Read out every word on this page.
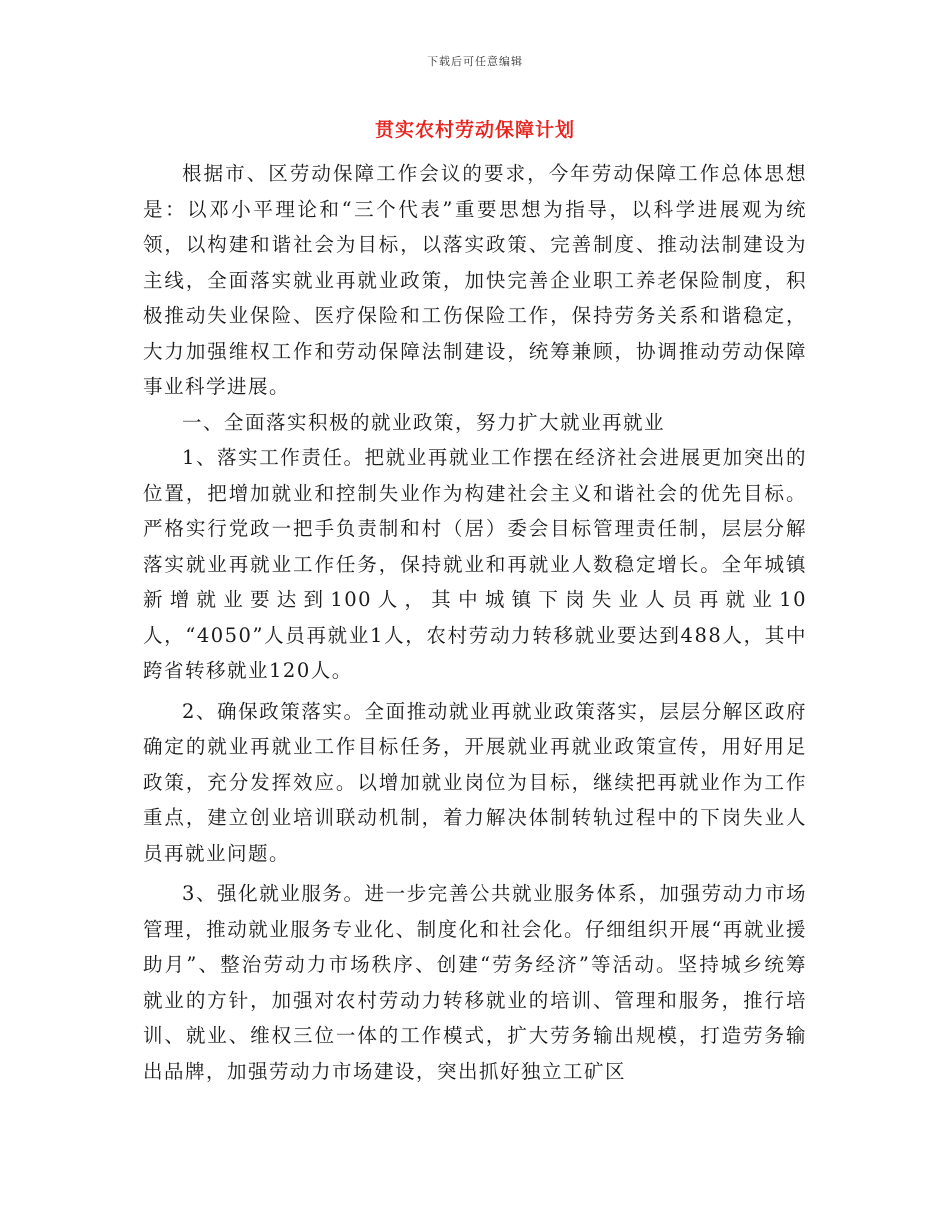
下载后可任意编辑
贯实农村劳动保障计划

根据市、区劳动保障工作会议的要求，今年劳动保障工作总体思想是：以邓小平理论和“三个代表”重要思想为指导，以科学进展观为统领，以构建和谐社会为目标，以落实政策、完善制度、推动法制建设为主线，全面落实就业再就业政策，加快完善企业职工养老保险制度，积极推动失业保险、医疗保险和工伤保险工作，保持劳务关系和谐稳定，大力加强维权工作和劳动保障法制建设，统筹兼顾，协调推动劳动保障事业科学进展。

一、全面落实积极的就业政策，努力扩大就业再就业

1、落实工作责任。把就业再就业工作摆在经济社会进展更加突出的位置，把增加就业和控制失业作为构建社会主义和谐社会的优先目标。严格实行党政一把手负责制和村（居）委会目标管理责任制，层层分解落实就业再就业工作任务，保持就业和再就业人数稳定增长。全年城镇新增就业要达到100人，其中城镇下岗失业人员再就业10人，“4050”人员再就业1人，农村劳动力转移就业要达到488人，其中跨省转移就业120人。

2、确保政策落实。全面推动就业再就业政策落实，层层分解区政府确定的就业再就业工作目标任务，开展就业再就业政策宣传，用好用足政策，充分发挥效应。以增加就业岗位为目标，继续把再就业作为工作重点，建立创业培训联动机制，着力解决体制转轨过程中的下岗失业人员再就业问题。

3、强化就业服务。进一步完善公共就业服务体系，加强劳动力市场管理，推动就业服务专业化、制度化和社会化。仔细组织开展“再就业援助月”、整治劳动力市场秩序、创建“劳务经济”等活动。坚持城乡统筹就业的方针，加强对农村劳动力转移就业的培训、管理和服务，推行培训、就业、维权三位一体的工作模式，扩大劳务输出规模，打造劳务输出品牌，加强劳动力市场建设，突出抓好独立工矿区
